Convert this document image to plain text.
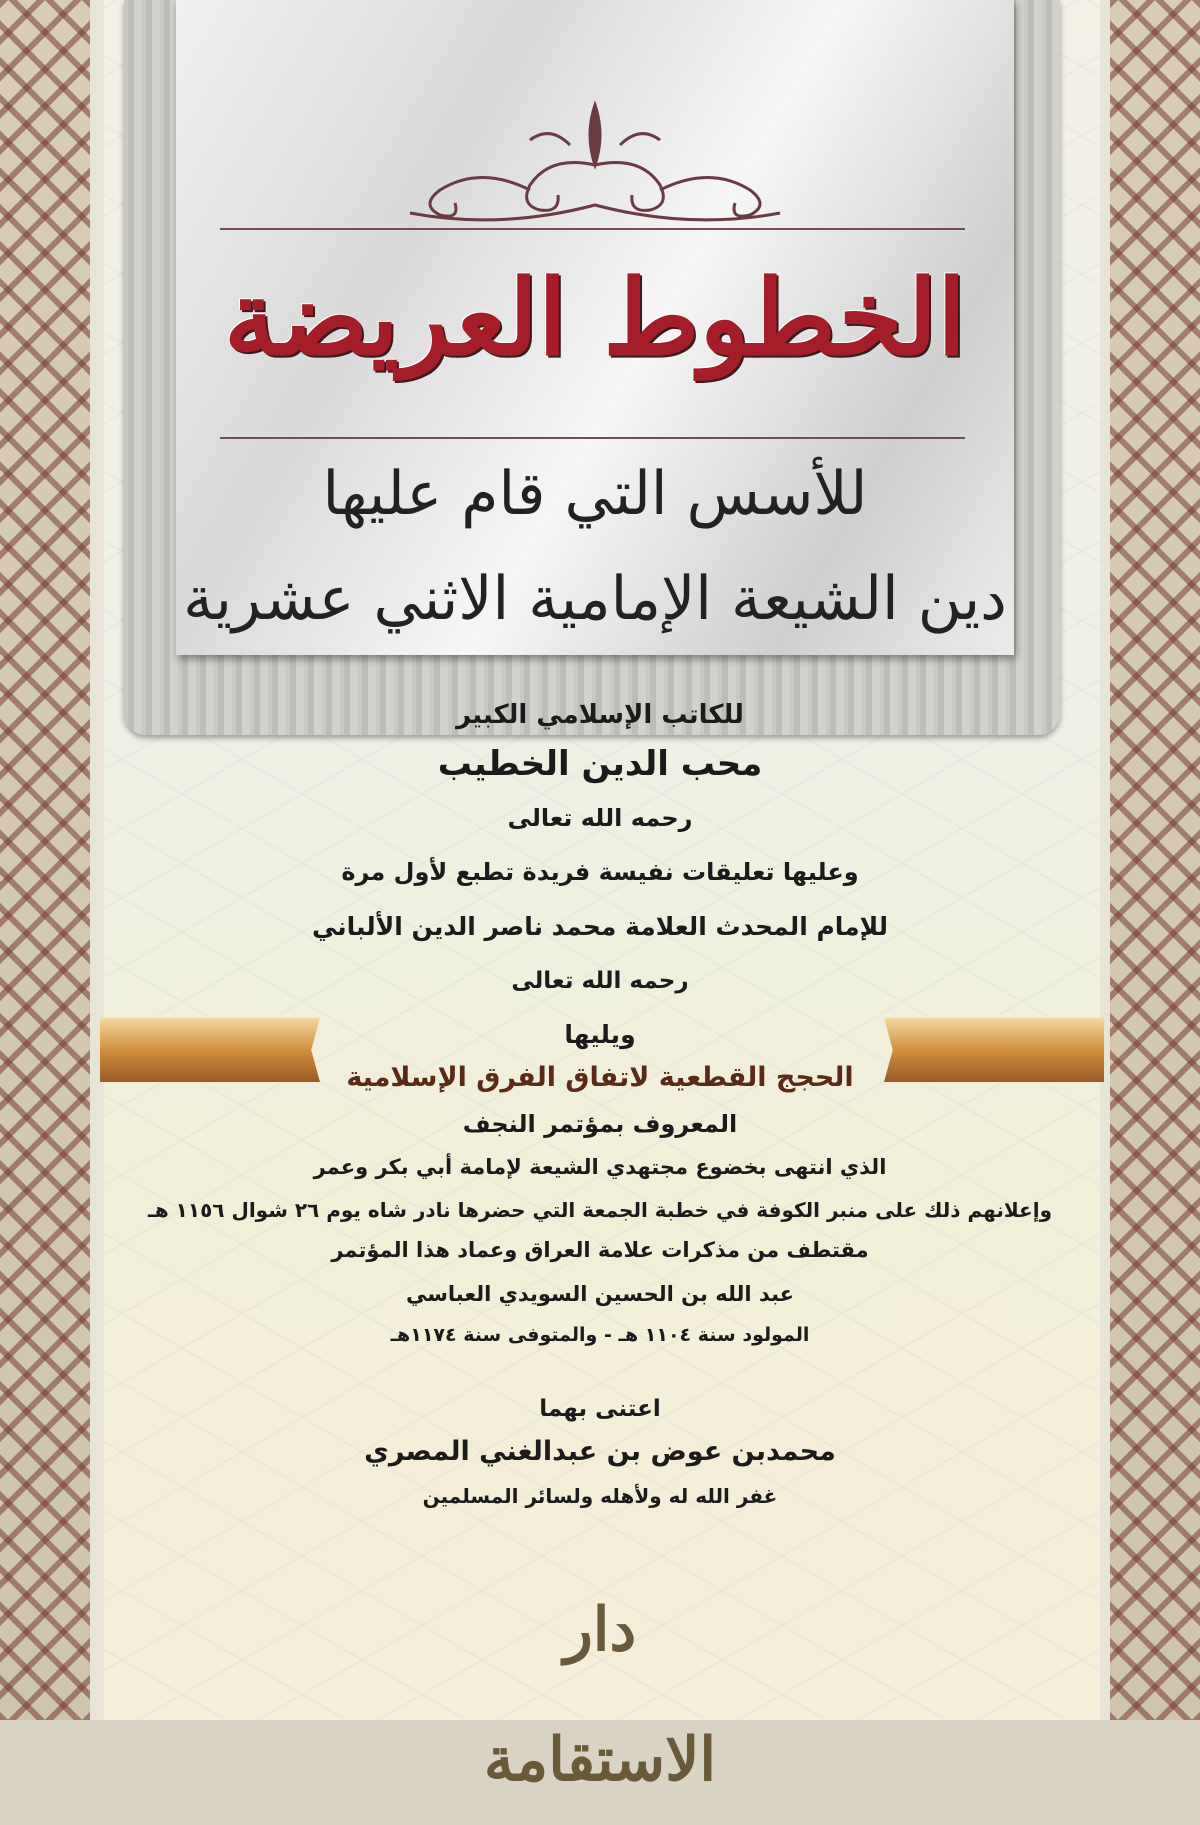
الخطوط العريضة
للأسس التي قام عليها
دين الشيعة الإمامية الاثني عشرية
للكاتب الإسلامي الكبير
محب الدين الخطيب
رحمه الله تعالى
وعليها تعليقات نفيسة فريدة تطبع لأول مرة
للإمام المحدث العلامة محمد ناصر الدين الألباني
رحمه الله تعالى
ويليها
الحجج القطعية لاتفاق الفرق الإسلامية
المعروف بمؤتمر النجف
الذي انتهى بخضوع مجتهدي الشيعة لإمامة أبي بكر وعمر
وإعلانهم ذلك على منبر الكوفة في خطبة الجمعة التي حضرها نادر شاه يوم ٢٦ شوال ١١٥٦ هـ
مقتطف من مذكرات علامة العراق وعماد هذا المؤتمر
عبد الله بن الحسين السويدي العباسي
المولود سنة ١١٠٤ هـ - والمتوفى سنة ١١٧٤هـ
اعتنى بهما
محمدبن عوض بن عبدالغني المصري
غفر الله له ولأهله ولسائر المسلمين
دار الاستقامة
